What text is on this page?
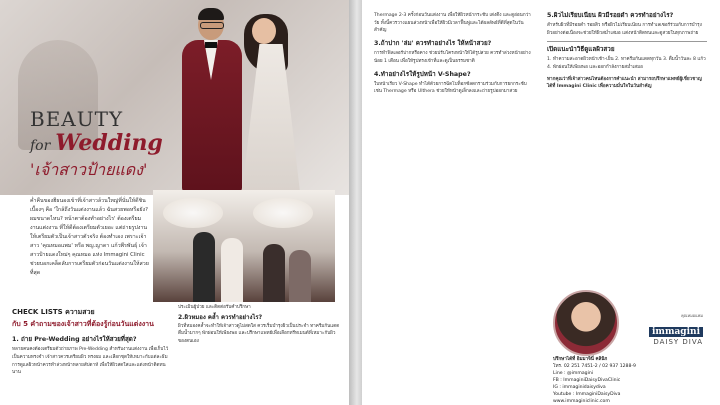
BEAUTY
for Wedding
'เจ้าสาวป้ายแดง'
ค่ำคืนของฮีธนองเข้าที่เจ้าสาวล้วนใหญ่ที่นั่นให้ดีชินเบื้องๆ คือ 'ใกล้ถึงวันแต่งงานแล้ว ฉันสวยพอหรือยัง? ผมขนาดไหน? หน้าตาต้องทำอย่างไร' ต้องเตรียมงานแต่งงาน ที่ให้ดีต้องเตรียมตัวเยอะ แต่ถ่ายรูปงานให้เตรียมตัวเป็นเจ้าสาวตัวจริง ต้องทำเอง เพราะเจ้าสาว 'คุณหมอแพม' หรือ พญ.ญาดา แก้วพีรพันธุ์ เจ้าสาวป้ายแดงใหม่ๆ คุณหมอ แห่ง Immagini Clinic ช่วยบอกเคล็ดลับการเตรียมตัวก่อนวันแต่งงานให้สวยที่สุด
CHECK LISTS ความสวย
กับ 5 คำถามของเจ้าสาวที่ต้องรู้ก่อนวันแต่งงาน
1. ถ่าย Pre-Wedding อย่างไรให้สวยที่สุด?
หลายคนคงต้องเตรียมตัวถ่ายภาพ Pre-Wedding สำหรับงานแต่งงาน เพื่อเก็บไว้เป็นความทรงจำ เจ้าสาวควรเตรียมผิว ทรงผม และเลือกชุดให้เหมาะกับแต่ละธีม การดูแลผิวหน้าควรทำล่วงหน้าหลายสัปดาห์ เพื่อให้ผิวสดใสและแต่งหน้าติดทนนาน
ประเมินผู้ป่วย และติดต่อรับคำปรึกษา
2.ผิวหมอง คล้ำ ควรทำอย่างไร?
ผิวที่หมองคล้ำจะทำให้เจ้าสาวดูไม่สดใส ควรเริ่มบำรุงผิวเป็นประจำ ทาครีมกันแดด ดื่มน้ำมากๆ พักผ่อนให้เพียงพอ และปรึกษาแพทย์เพื่อเลือกทรีทเมนต์ที่เหมาะกับผิวของตนเอง
Thermage 2-3 ครั้งก่อนวันแต่งงาน เพื่อให้ผิวหน้ากระชับ เต่งตึง และดูอ่อนกว่าวัย ทั้งนี้ควรวางแผนล่วงหน้าเพื่อให้ผิวมีเวลาฟื้นฟูและได้ผลลัพธ์ที่ดีที่สุดในวันสำคัญ
3.ถ้าปาก 'ล่ม' ควรทำอย่างไร ให้หน้าสวย?
การทำฟิลเลอร์ปากหรือคาง ช่วยปรับโครงหน้าให้ได้รูปสวย ควรทำล่วงหน้าอย่างน้อย 1 เดือน เพื่อให้รูปทรงเข้าที่และดูเป็นธรรมชาติ
4.ทำอย่างไรให้รูปหน้า V-Shape?
ใบหน้าเรียว V-Shape ทำได้ด้วยการฉีดโบท็อกซ์ลดกรามร่วมกับการยกกระชับ เช่น Thermage หรือ Ulthera ช่วยให้หน้าดูเล็กลงและถ่ายรูปออกมาสวย
5.ผิวไม่เรียบเนียน ผิวมีรอยดำ ควรทำอย่างไร?
สำหรับผิวที่มีรอยดำ รอยสิว หรือผิวไม่เรียบเนียน การทำเลเซอร์ร่วมกับการบำรุงผิวอย่างต่อเนื่องจะช่วยให้ผิวสม่ำเสมอ แต่งหน้าติดทนและดูสวยในทุกภาพถ่าย
เปิดแนะนำวิธีดูแลผิวสวย
1. ทำความสะอาดผิวหน้าเช้า-เย็น 2. ทาครีมกันแดดทุกวัน 3. ดื่มน้ำวันละ 8 แก้ว 4. พักผ่อนให้เพียงพอ และออกกำลังกายสม่ำเสมอ
หากคุณว่าที่เจ้าสาวคนไหนต้องการคำแนะนำ สามารถปรึกษาแพทย์ผู้เชี่ยวชาญได้ที่ Immagini Clinic เพื่อความมั่นใจในวันสำคัญ
คุณหมอแพม
immagini
DAISY DIVA
ปรึกษาได้ที่ อิมมาจินี่ คลินิก
โทร. 02 251 7451-2 / 02 937 1288-9
Line : @immagini
FB : ImmaginiDaisyDivaClinic
IG : immaginidaisydiva
Youtube : ImmaginiDaisyDiva
www.immaginiclinic.com
